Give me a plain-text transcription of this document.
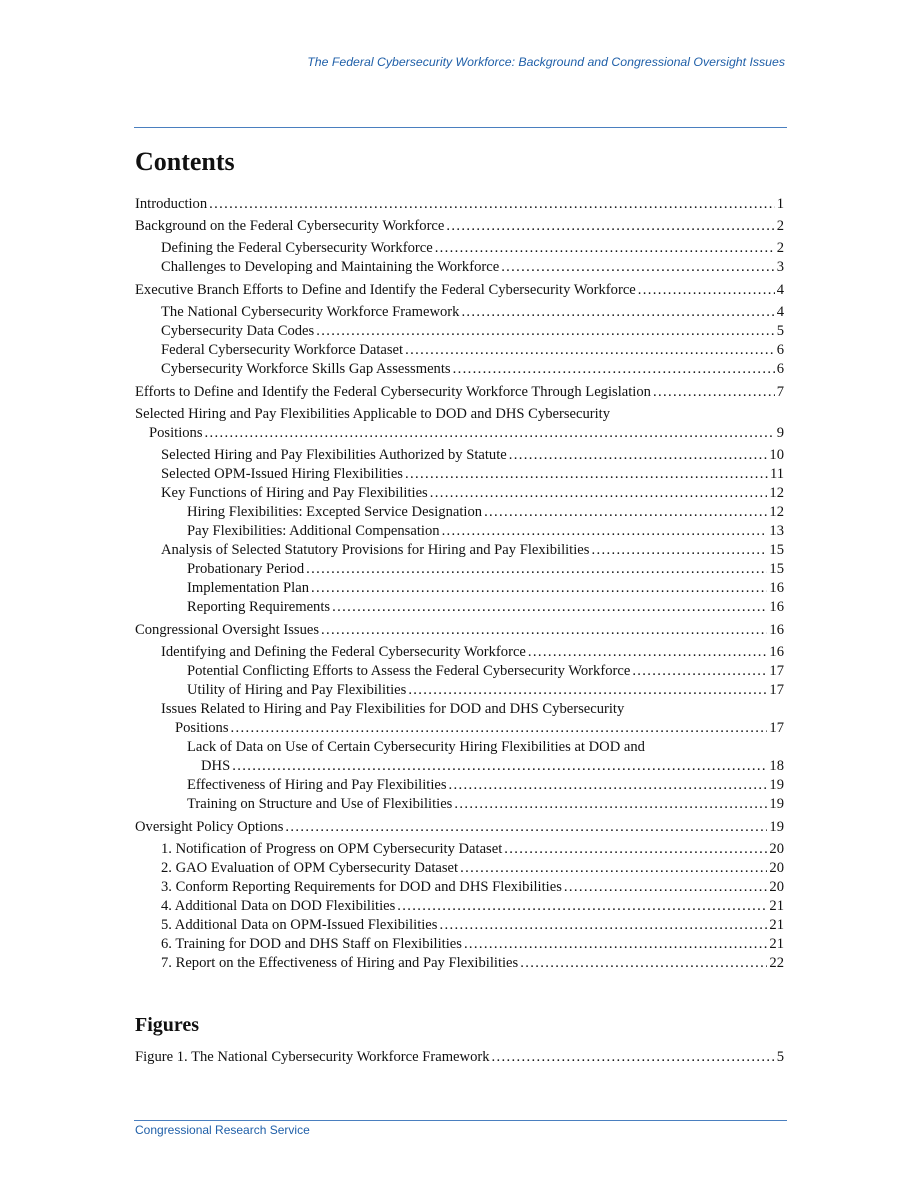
The Federal Cybersecurity Workforce: Background and Congressional Oversight Issues
Contents
Introduction . . .	1
Background on the Federal Cybersecurity Workforce . . .	2
Defining the Federal Cybersecurity Workforce . . .	2
Challenges to Developing and Maintaining the Workforce . . .	3
Executive Branch Efforts to Define and Identify the Federal Cybersecurity Workforce . . .	4
The National Cybersecurity Workforce Framework . . .	4
Cybersecurity Data Codes . . .	5
Federal Cybersecurity Workforce Dataset . . .	6
Cybersecurity Workforce Skills Gap Assessments . . .	6
Efforts to Define and Identify the Federal Cybersecurity Workforce Through Legislation . . .	7
Selected Hiring and Pay Flexibilities Applicable to DOD and DHS Cybersecurity
Positions . . .	9
Selected Hiring and Pay Flexibilities Authorized by Statute . . .	10
Selected OPM-Issued Hiring Flexibilities . . .	11
Key Functions of Hiring and Pay Flexibilities . . .	12
Hiring Flexibilities: Excepted Service Designation . . .	12
Pay Flexibilities: Additional Compensation . . .	13
Analysis of Selected Statutory Provisions for Hiring and Pay Flexibilities . . .	15
Probationary Period . . .	15
Implementation Plan . . .	16
Reporting Requirements . . .	16
Congressional Oversight Issues . . .	16
Identifying and Defining the Federal Cybersecurity Workforce . . .	16
Potential Conflicting Efforts to Assess the Federal Cybersecurity Workforce . . .	17
Utility of Hiring and Pay Flexibilities . . .	17
Issues Related to Hiring and Pay Flexibilities for DOD and DHS Cybersecurity
Positions . . .	17
Lack of Data on Use of Certain Cybersecurity Hiring Flexibilities at DOD and
DHS . . .	18
Effectiveness of Hiring and Pay Flexibilities . . .	19
Training on Structure and Use of Flexibilities . . .	19
Oversight Policy Options . . .	19
1. Notification of Progress on OPM Cybersecurity Dataset . . .	20
2. GAO Evaluation of OPM Cybersecurity Dataset . . .	20
3. Conform Reporting Requirements for DOD and DHS Flexibilities . . .	20
4. Additional Data on DOD Flexibilities . . .	21
5. Additional Data on OPM-Issued Flexibilities . . .	21
6. Training for DOD and DHS Staff on Flexibilities . . .	21
7. Report on the Effectiveness of Hiring and Pay Flexibilities . . .	22
Figures
Figure 1. The National Cybersecurity Workforce Framework . . .	5
Congressional Research Service
